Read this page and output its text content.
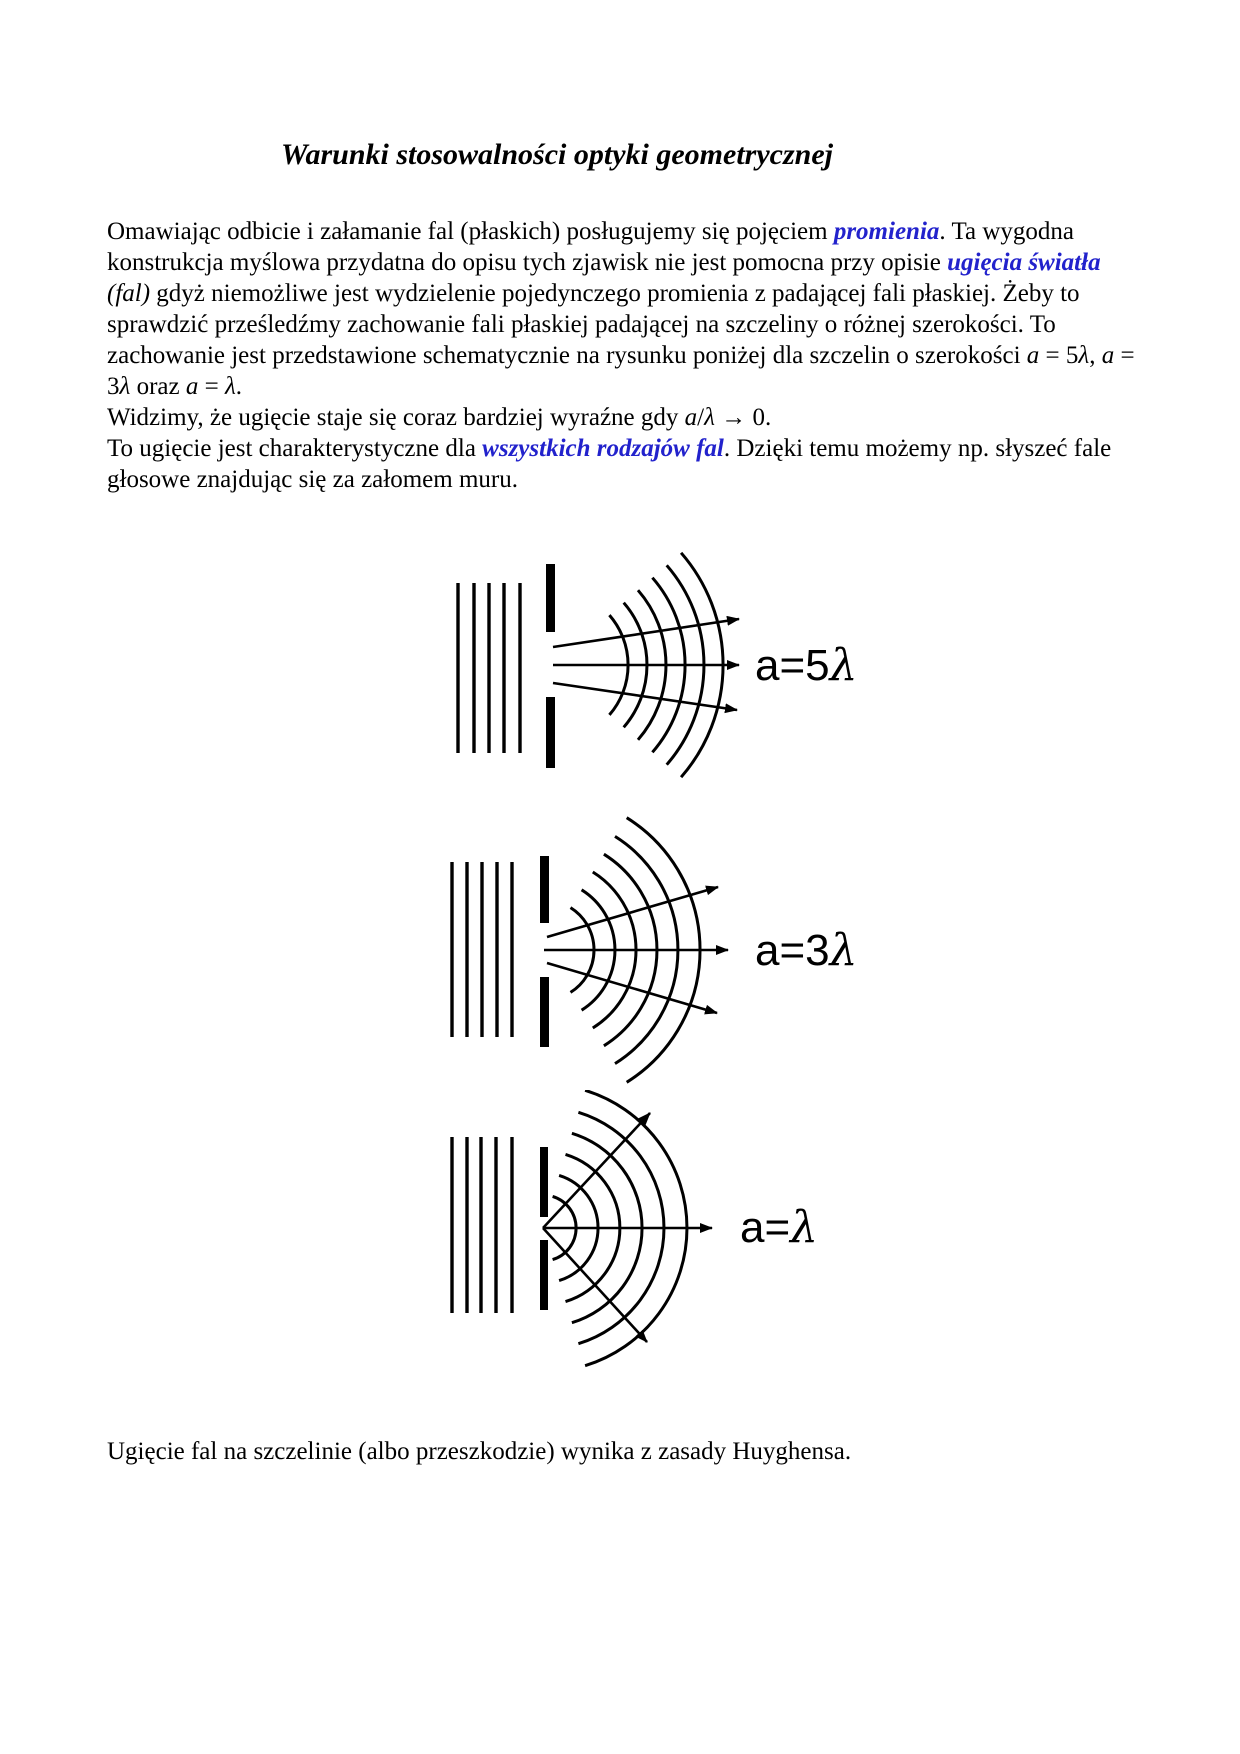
Warunki stosowalności optyki geometrycznej

Omawiając odbicie i załamanie fal (płaskich) posługujemy się pojęciem promienia. Ta wygodna konstrukcja myślowa przydatna do opisu tych zjawisk nie jest pomocna przy opisie ugięcia światła (fal) gdyż niemożliwe jest wydzielenie pojedynczego promienia z padającej fali płaskiej. Żeby to sprawdzić prześledźmy zachowanie fali płaskiej padającej na szczeliny o różnej szerokości. To zachowanie jest przedstawione schematycznie na rysunku poniżej dla szczelin o szerokości a = 5λ, a = 3λ oraz a = λ.

Widzimy, że ugięcie staje się coraz bardziej wyraźne gdy a/λ → 0.

To ugięcie jest charakterystyczne dla wszystkich rodzajów fal. Dzięki temu możemy np. słyszeć fale głosowe znajdując się za załomem muru.

a=5λ
a=3λ
a=λ

Ugięcie fal na szczelinie (albo przeszkodzie) wynika z zasady Huyghensa.
